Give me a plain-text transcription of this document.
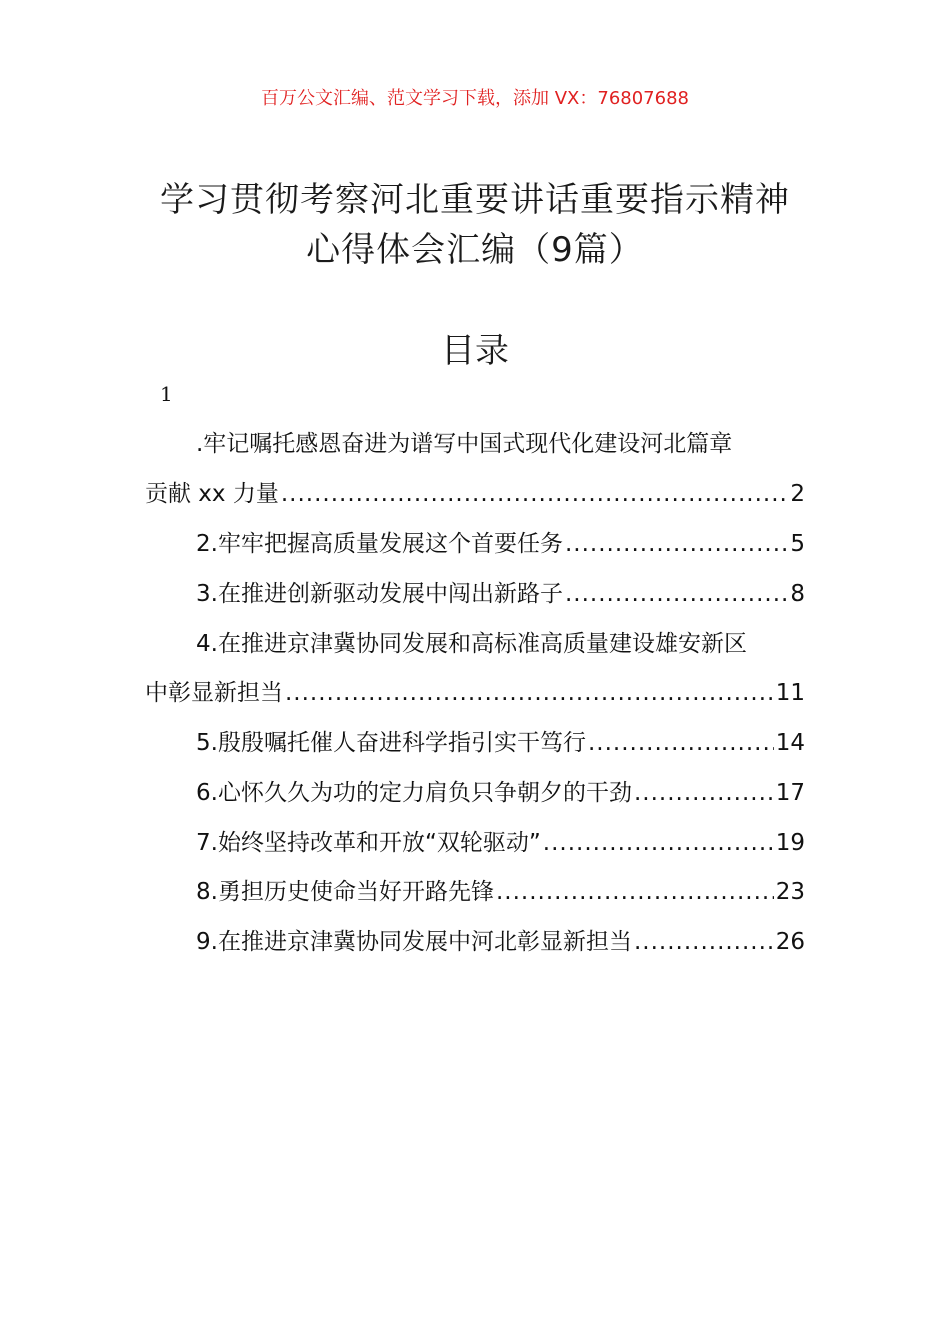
百万公文汇编、范文学习下载，添加 VX：76807688
学习贯彻考察河北重要讲话重要指示精神
心得体会汇编（9篇）
目录
1
.牢记嘱托感恩奋进为谱写中国式现代化建设河北篇章
贡献 xx 力量 .....	2
2.牢牢把握高质量发展这个首要任务 .....	5
3.在推进创新驱动发展中闯出新路子 .....	8
4.在推进京津冀协同发展和高标准高质量建设雄安新区
中彰显新担当 .....	11
5.殷殷嘱托催人奋进科学指引实干笃行 .....	14
6.心怀久久为功的定力肩负只争朝夕的干劲 .....	17
7.始终坚持改革和开放“双轮驱动” .....	19
8.勇担历史使命当好开路先锋 .....	23
9.在推进京津冀协同发展中河北彰显新担当 .....	26
